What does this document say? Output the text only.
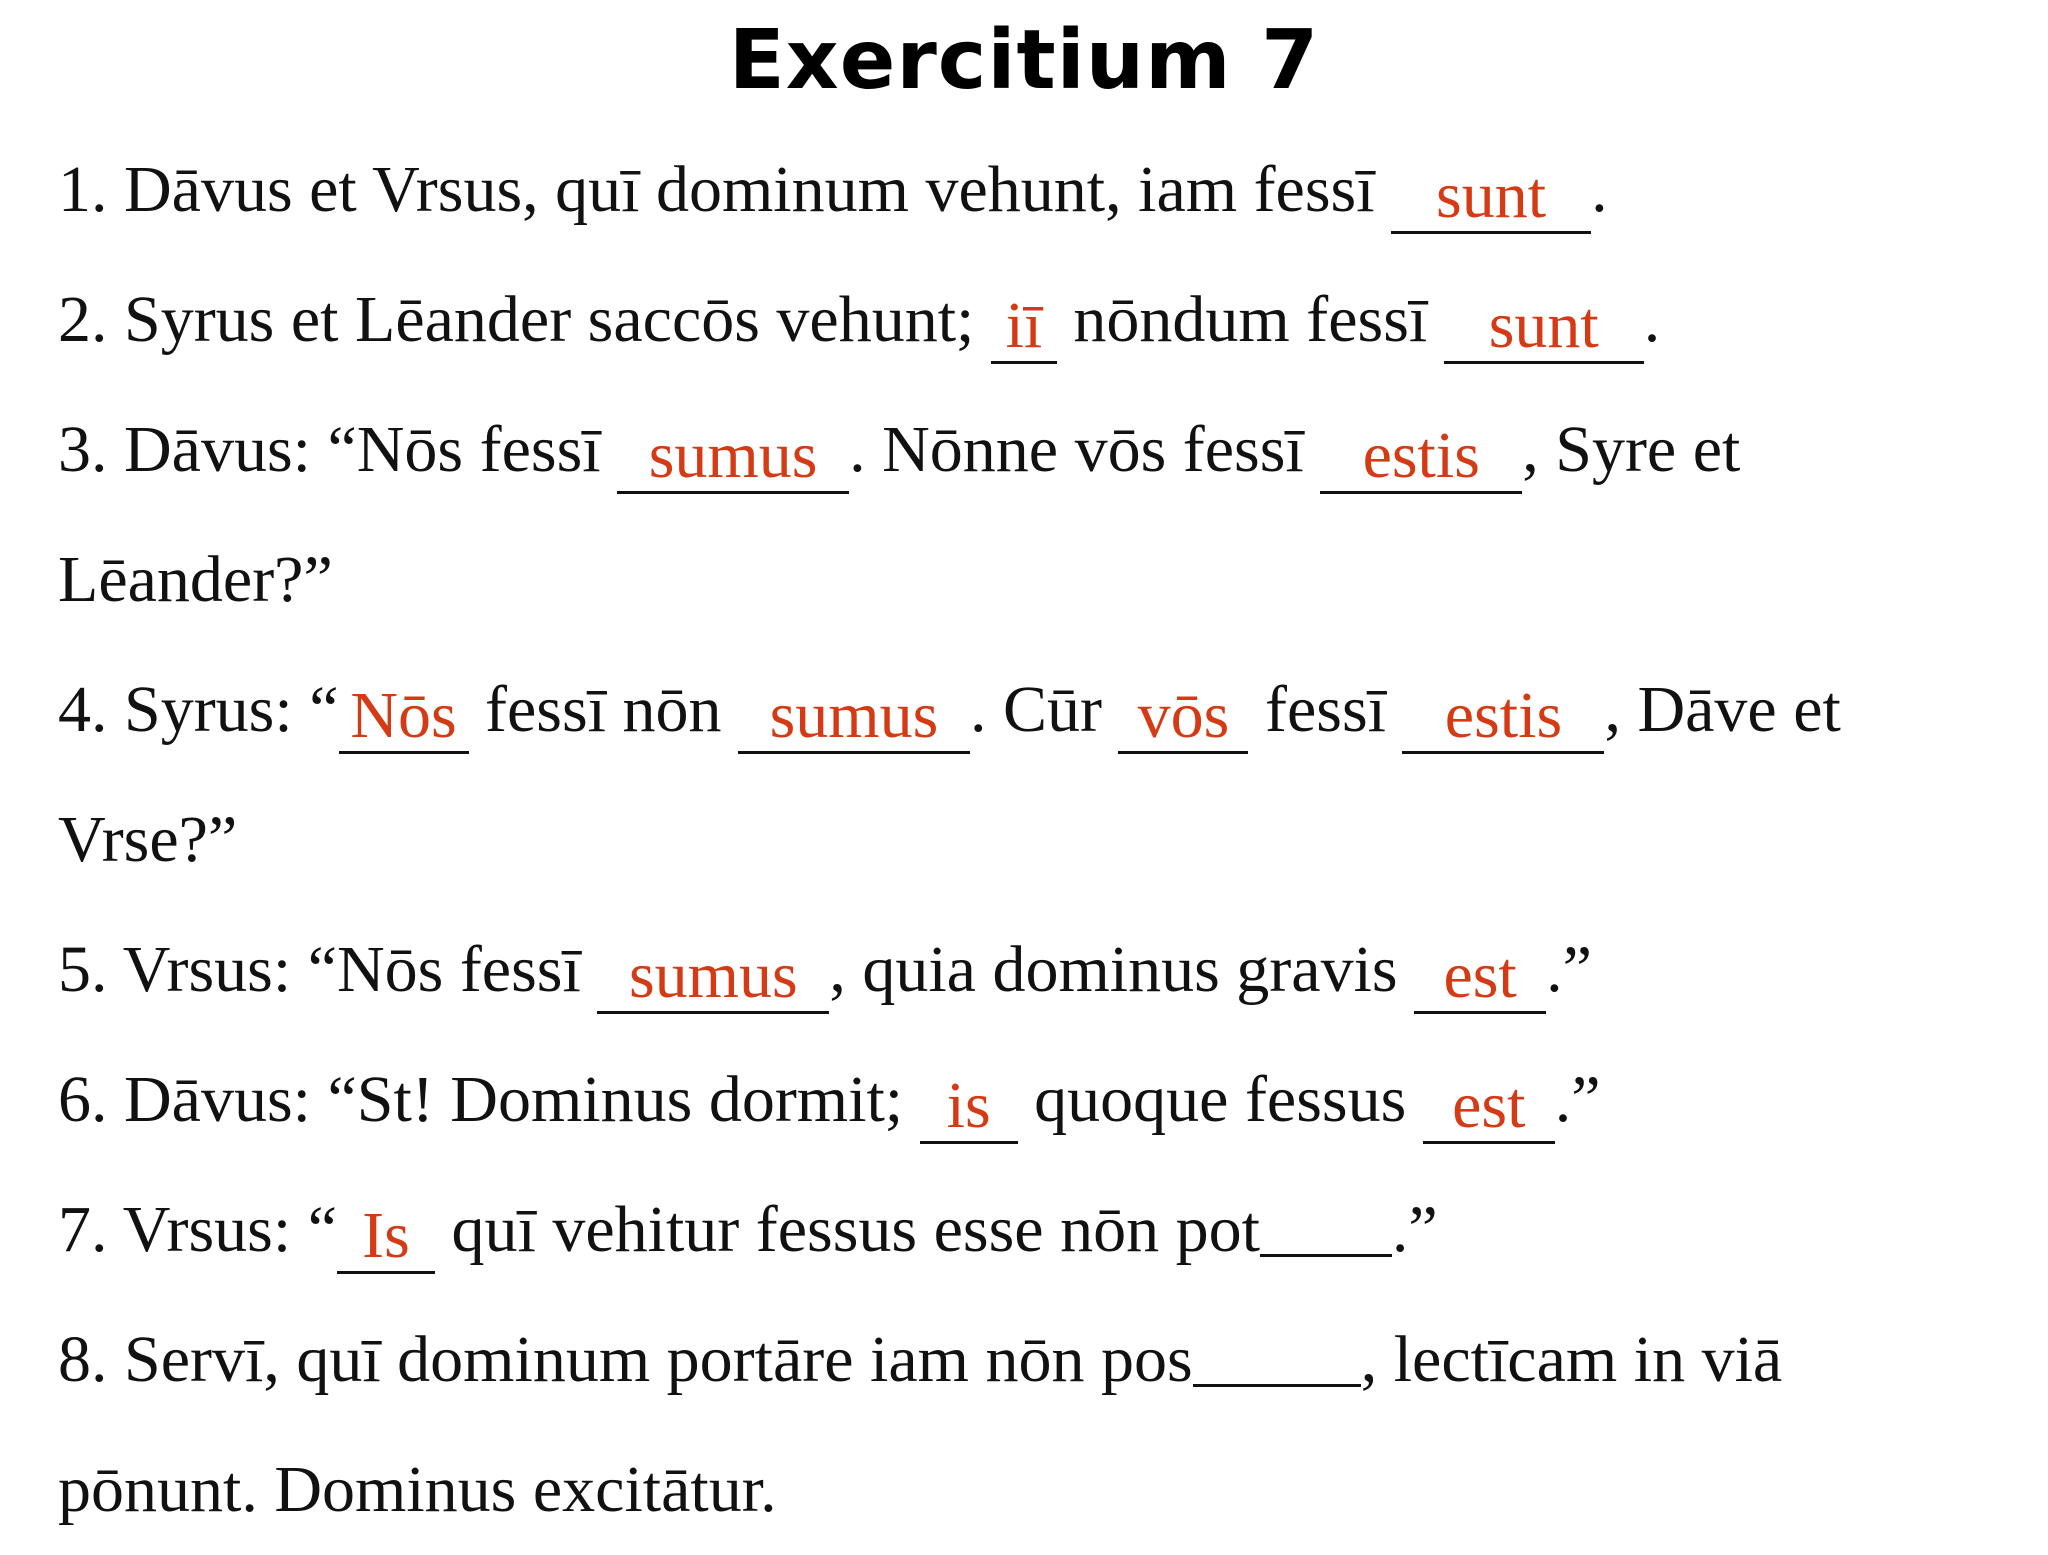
Exercitium 7
1. Dāvus et Vrsus, quī dominum vehunt, iam fessī sunt .
2. Syrus et Lēander saccōs vehunt; iī nōndum fessī sunt .
3. Dāvus: “Nōs fessī sumus . Nōnne vōs fessī estis , Syre et
Lēander?”
4. Syrus: “ Nōs fessī nōn sumus . Cūr vōs fessī estis , Dāve et
Vrse?”
5. Vrsus: “Nōs fessī sumus , quia dominus gravis est .”
6. Dāvus: “St! Dominus dormit; is quoque fessus est .”
7. Vrsus: “ Is quī vehitur fessus esse nōn pot .”
8. Servī, quī dominum portāre iam nōn pos	, lectīcam in viā
pōnunt. Dominus excitātur.
